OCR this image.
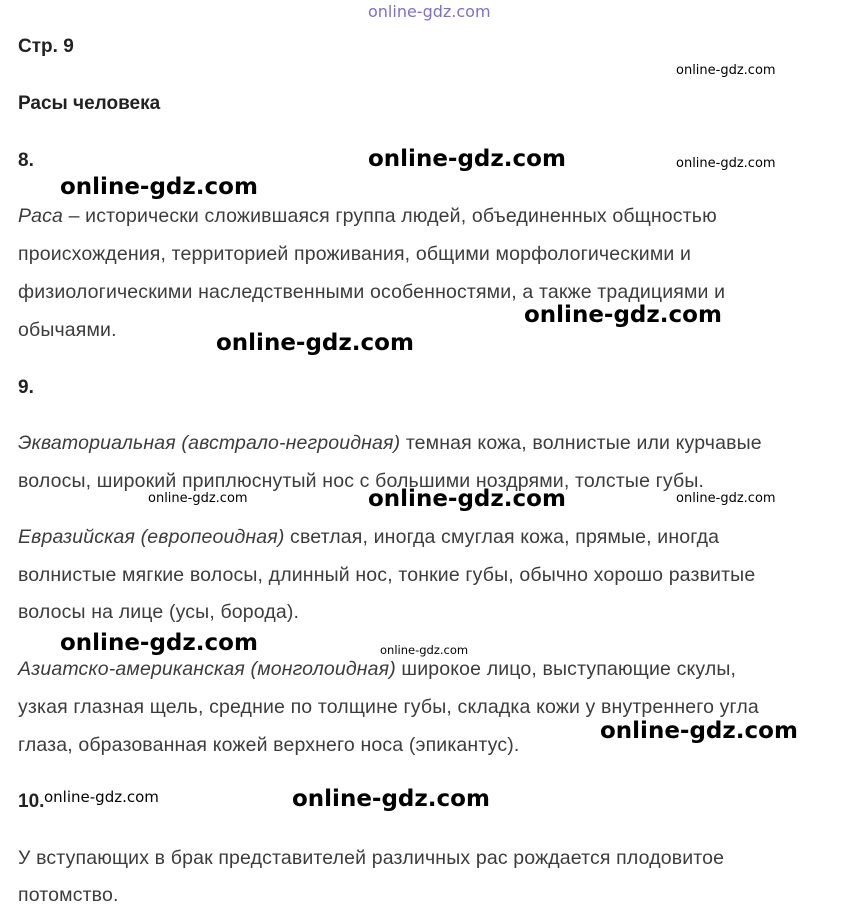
online-gdz.com
Стр. 9
Расы человека
8.
Раса – исторически сложившаяся группа людей, объединенных общностью
происхождения, территорией проживания, общими морфологическими и
физиологическими наследственными особенностями, а также традициями и
обычаями.
9.
Экваториальная (австрало-негроидная) темная кожа, волнистые или курчавые
волосы, широкий приплюснутый нос с большими ноздрями, толстые губы.
Евразийская (европеоидная) светлая, иногда смуглая кожа, прямые, иногда
волнистые мягкие волосы, длинный нос, тонкие губы, обычно хорошо развитые
волосы на лице (усы, борода).
Азиатско-американская (монголоидная) широкое лицо, выступающие скулы,
узкая глазная щель, средние по толщине губы, складка кожи у внутреннего угла
глаза, образованная кожей верхнего носа (эпикантус).
10.
У вступающих в брак представителей различных рас рождается плодовитое
потомство.
online-gdz.com
online-gdz.com	online-gdz.com
online-gdz.com
online-gdz.com
online-gdz.com
online-gdz.com	online-gdz.com	online-gdz.com
online-gdz.com	online-gdz.com
online-gdz.com
online-gdz.com	online-gdz.com
